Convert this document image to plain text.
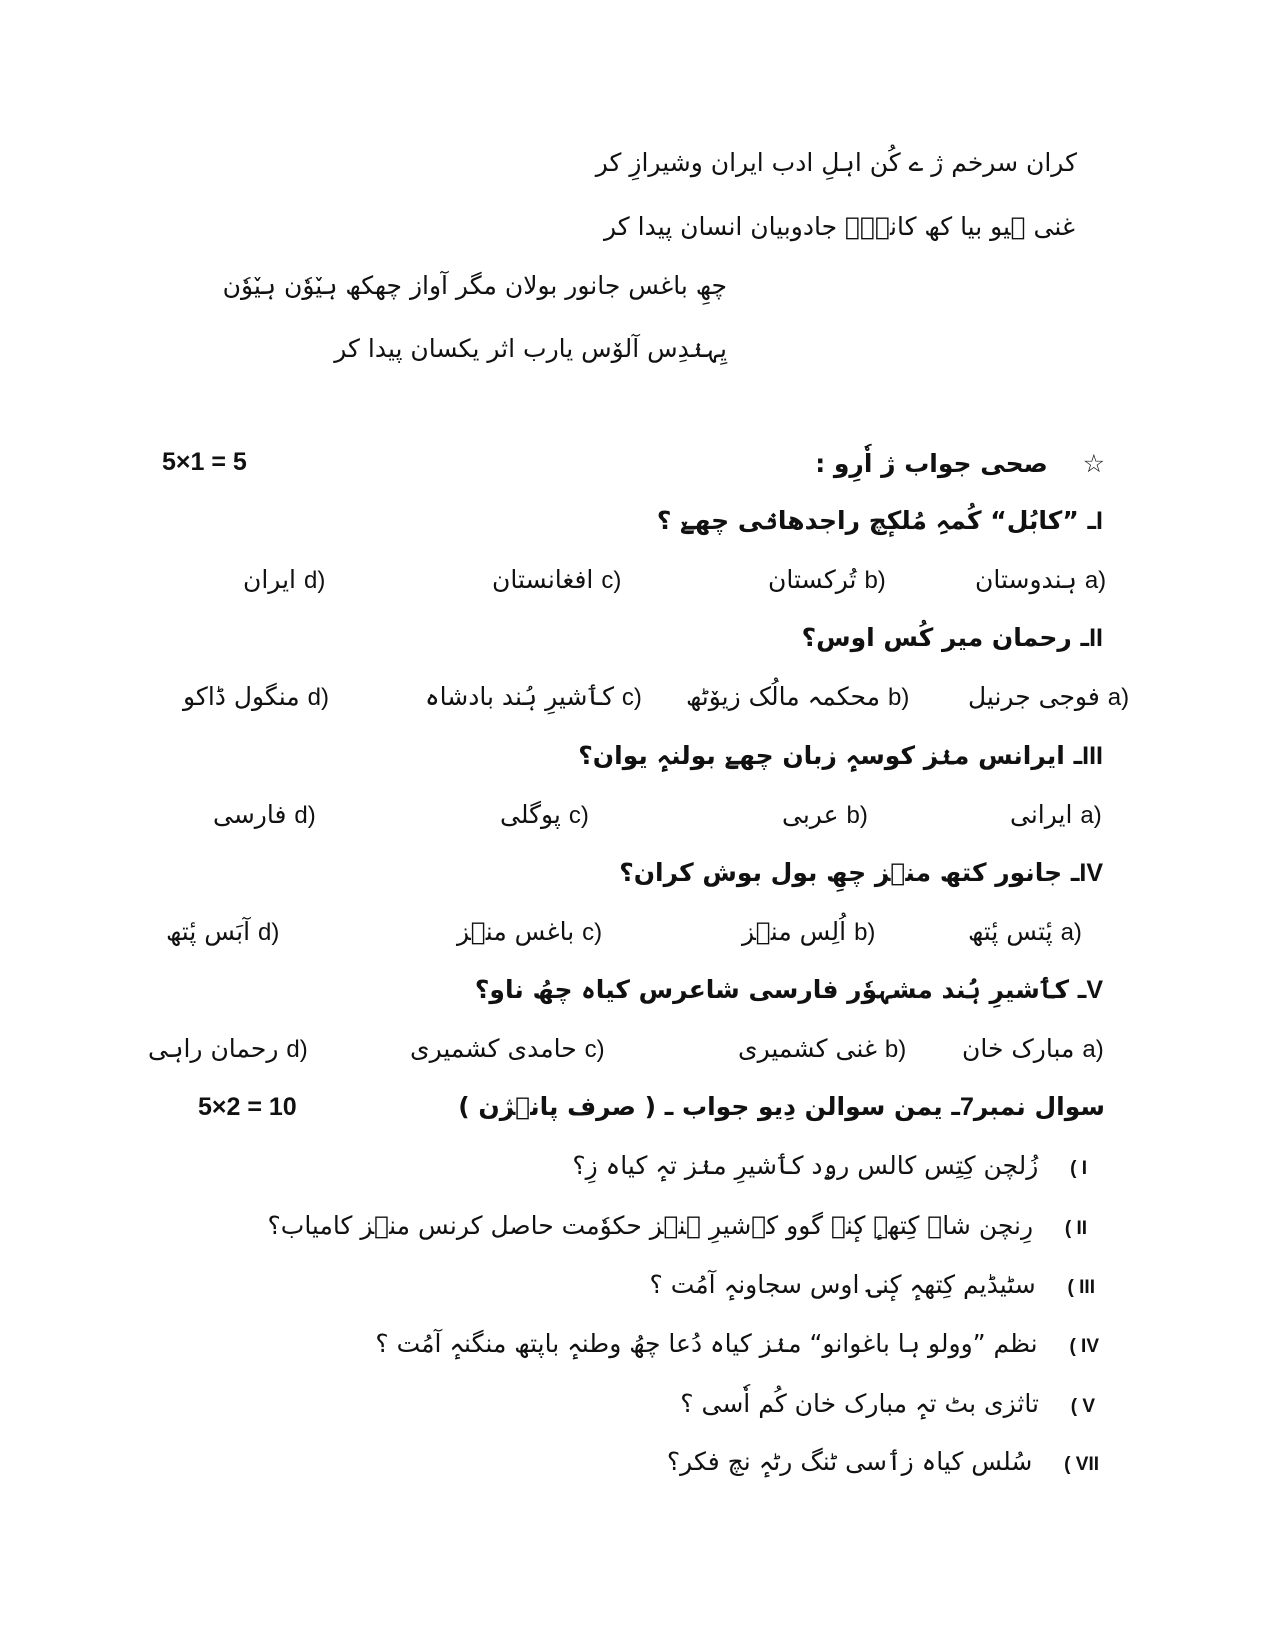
کران سرخم ژ ے کُن اہلِ ادب ایران وشیرازِ کر
غنی ہیو بیا کھ کانٛہہ جادوبیان انسان پیدا کر
چھِ باغس جانور بولان مگر آواز چھکھ ہیٚوٗن ہیٚوٗن
یِہنٛدِس آلوٚس یارب اثر یکسان پیدا کر
☆    صحی جواب ژ اٗرِو :
5×1 = 5
Iـ ”کابُل“ کُمہِ مُلکٕچ راجدھانٛی چھےٚ ؟
ہندوستان a)
تُرکستان b)
افغانستان c)
ایران d)
IIـ رحمان میر کُس اوس؟
فوجی جرنیل a)
محکمہ مالُک زیوٚٹھ b)
کٲشیرِ ہُند بادشاہ c)
منگول ڈاکو d)
IIIـ ایرانس منٛز کوسہٕ زبان چھےٚ بولنہٕ یوان؟
ایرانی a)
عربی b)
پوگلی c)
فارسی d)
IVـ جانور کتھ منٛز چھِ بول بوش کران؟
پٔتس پٔتھ a)
اُلِس منٛز b)
باغس منٛز c)
آبَس پٔتھ d)
Vـ کٲشیرِ ہُند مشہوٗر فارسی شاعرس کیاہ چھُ ناو؟
مبارک خان a)
غنی کشمیری b)
حامدی کشمیری c)
رحمان راہی d)
سوال نمبر7ـ یمن سوالن دِیو جواب ـ ( صرف پانٛژن )
5×2 = 10
I )    زُلچن کِتِس کالس رۄد کٲشیرِ منٛز تہٕ کیاہ زِ؟
II )    رِنچن شاہ کِتھہٕ کٕنۍ گوو کٲشیرِ ہنٛز حکوٗمت حاصل کرنس منٛز کامیاب؟
III )    سٹیڈیم کِتھہٕ کٕنۍ اوس سجاونہٕ آمُت ؟
IV )    نظم ”وولو ہا باغوانو“ منٛز کیاہ دُعا چھُ وطنہٕ باپتھ منگنہٕ آمُت ؟
V )    تاثزی بٹ تہٕ مبارک خان کُم اٗسی ؟
VII )    سُلس کیاہ زٲسی ٹنگ رٹہٕ نچ فکر؟
